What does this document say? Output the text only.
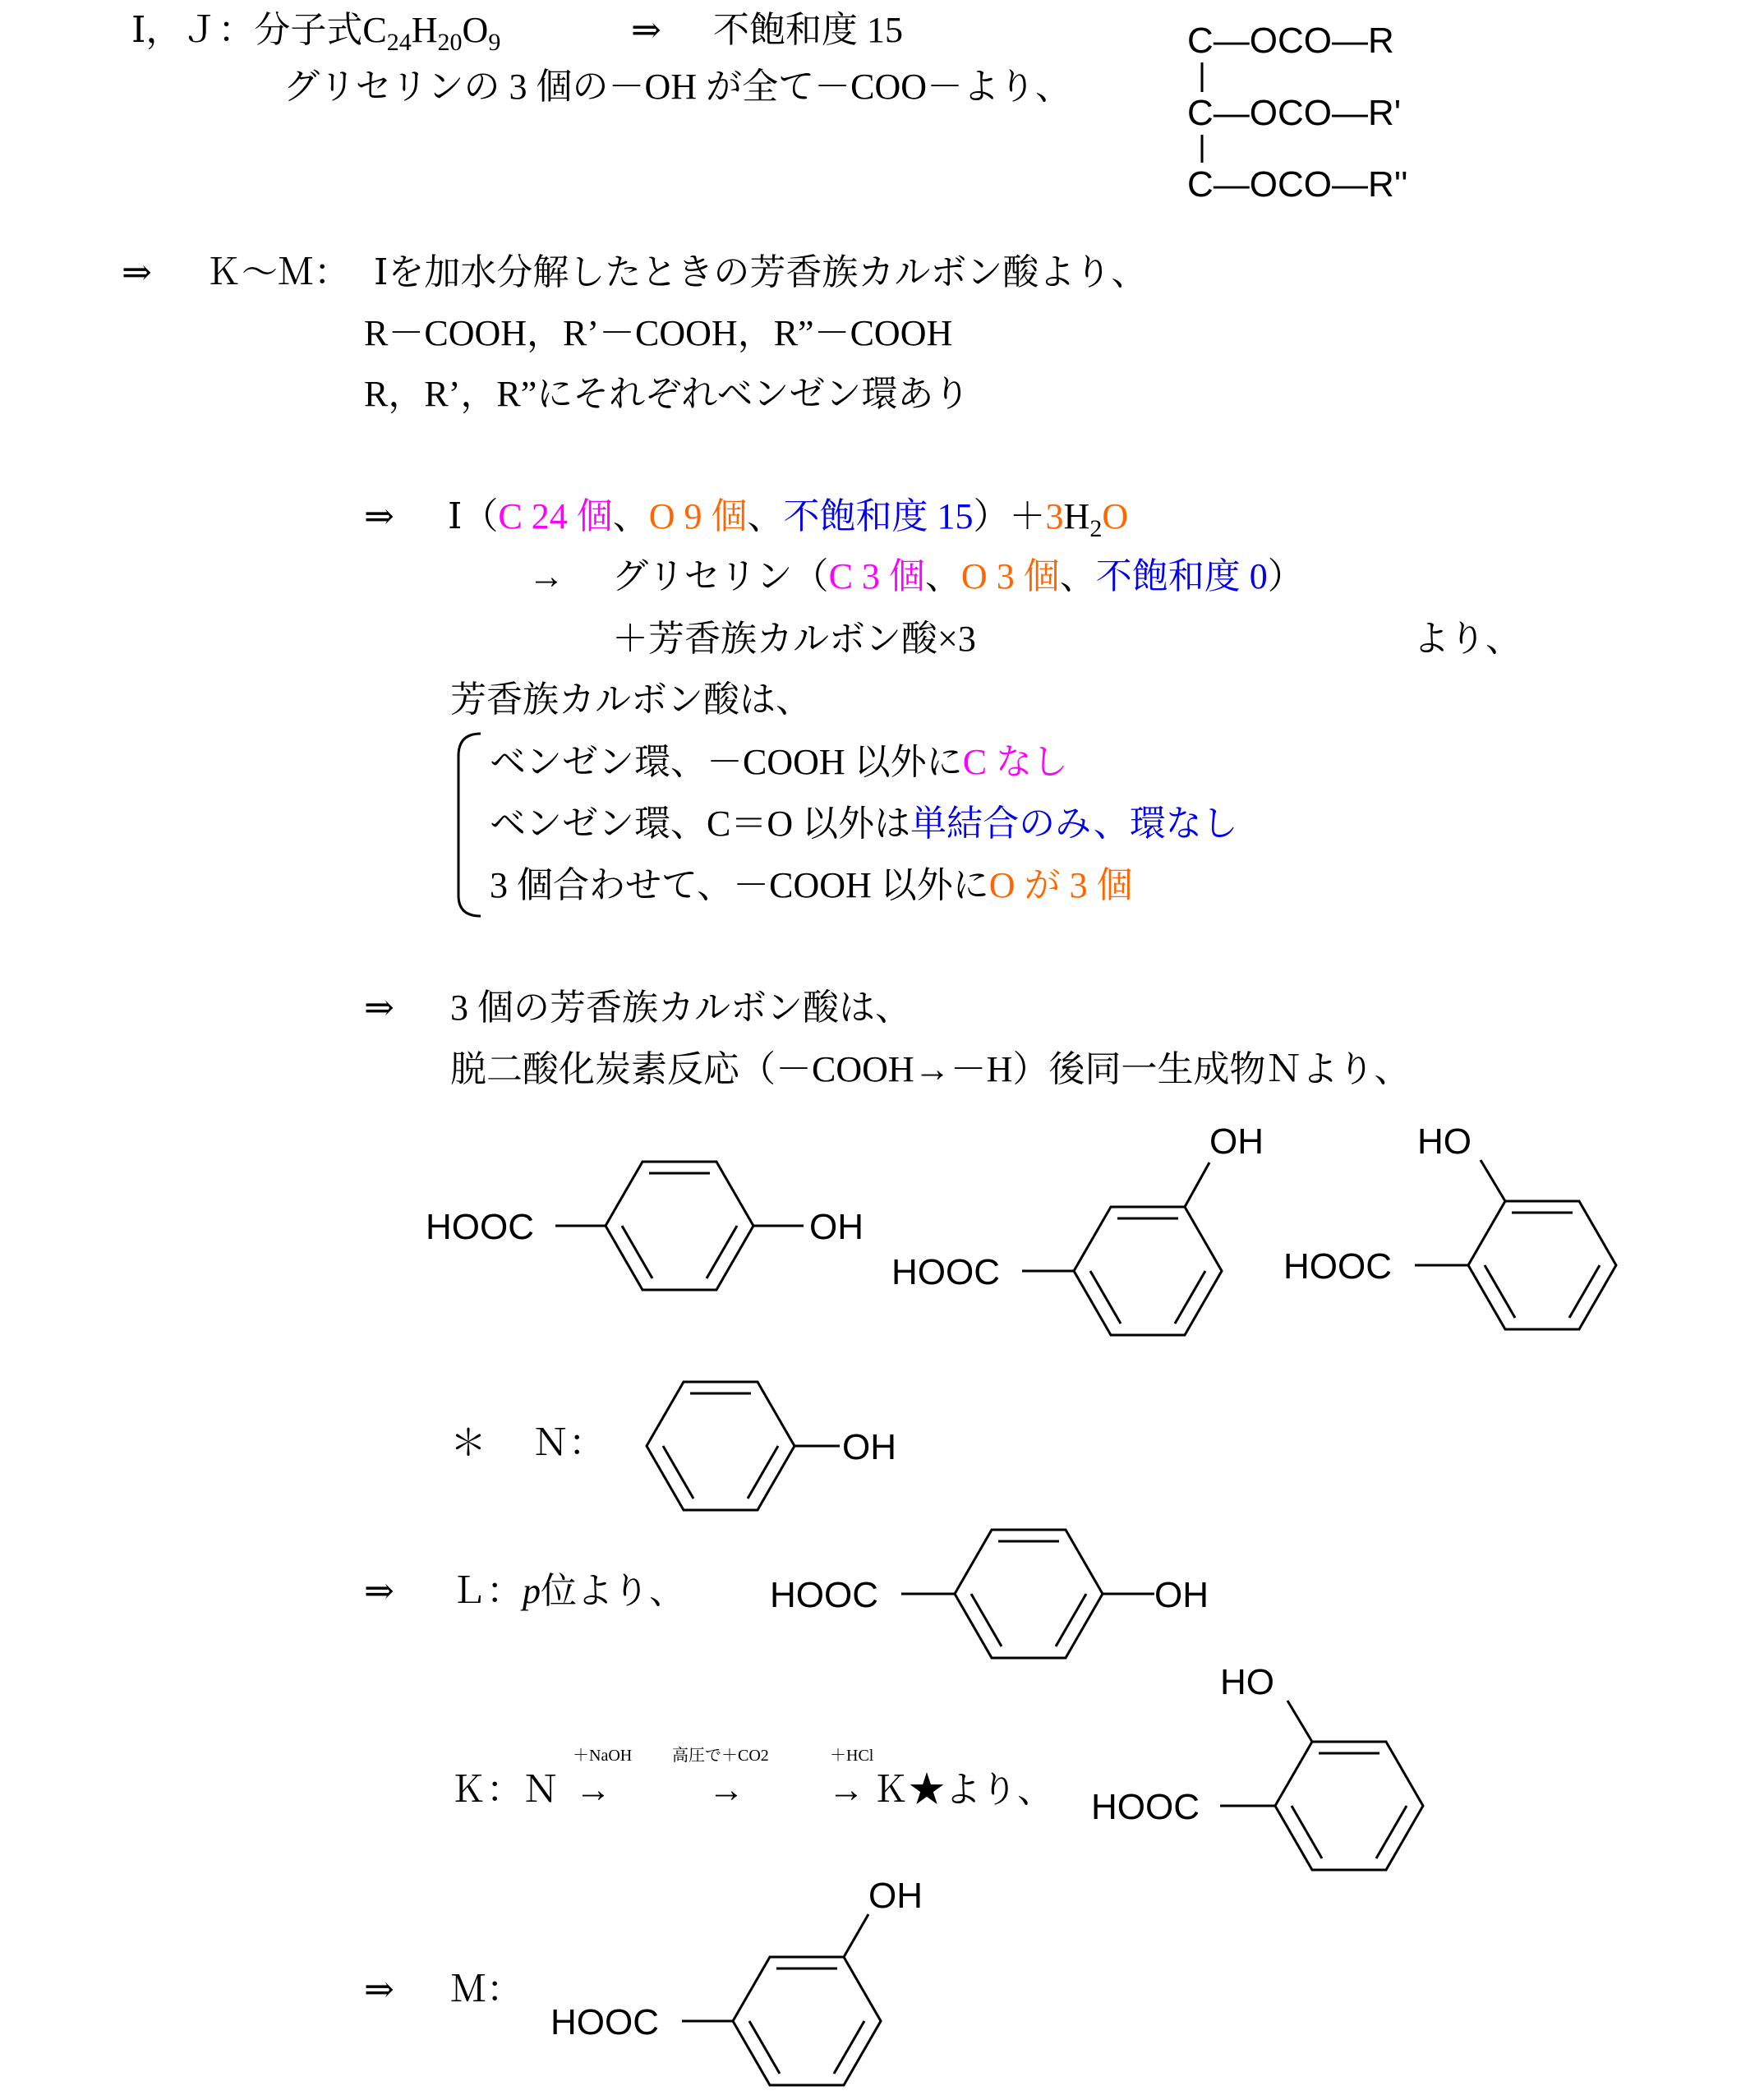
Ⅰ，Ｊ：分子式$C_{24}H_{20}O_9$	⇒ 不飽和度 15
グリセリンの 3 個の－OH が全て－COO－より、
C—OCO—R
C—OCO—R'
C—OCO—R''
⇒ Ｋ～Ｍ： Ⅰを加水分解したときの芳香族カルボン酸より、
R－COOH，R’－COOH，R”－COOH
R，R’，R”にそれぞれベンゼン環あり
⇒ Ⅰ（C 24 個、O 9 個、不飽和度 $15)+3H_2O$
→ グリセリン（C 3 個、O 3 個、不飽和度 0）
＋芳香族カルボン酸×3	より、
芳香族カルボン酸は、
ベンゼン環、－COOH 以外にC なし
ベンゼン環、C＝O 以外は単結合のみ、環なし
3 個合わせて、－COOH 以外にO が 3 個
⇒ 3 個の芳香族カルボン酸は、
脱二酸化炭素反応（－COOH→－H）後同一生成物Ｎより、
＊ Ｎ：
⇒ Ｌ：p位より、
Ｋ：Ｎ →
＋NaOH
→
高圧で＋CO2
→
＋HCl
Ｋ★より、
⇒ Ｍ：
HOOC	OH
HOOC
OH
HOOC
HO
OH
HOOC	OH
HOOC
HO
HOOC
OH
